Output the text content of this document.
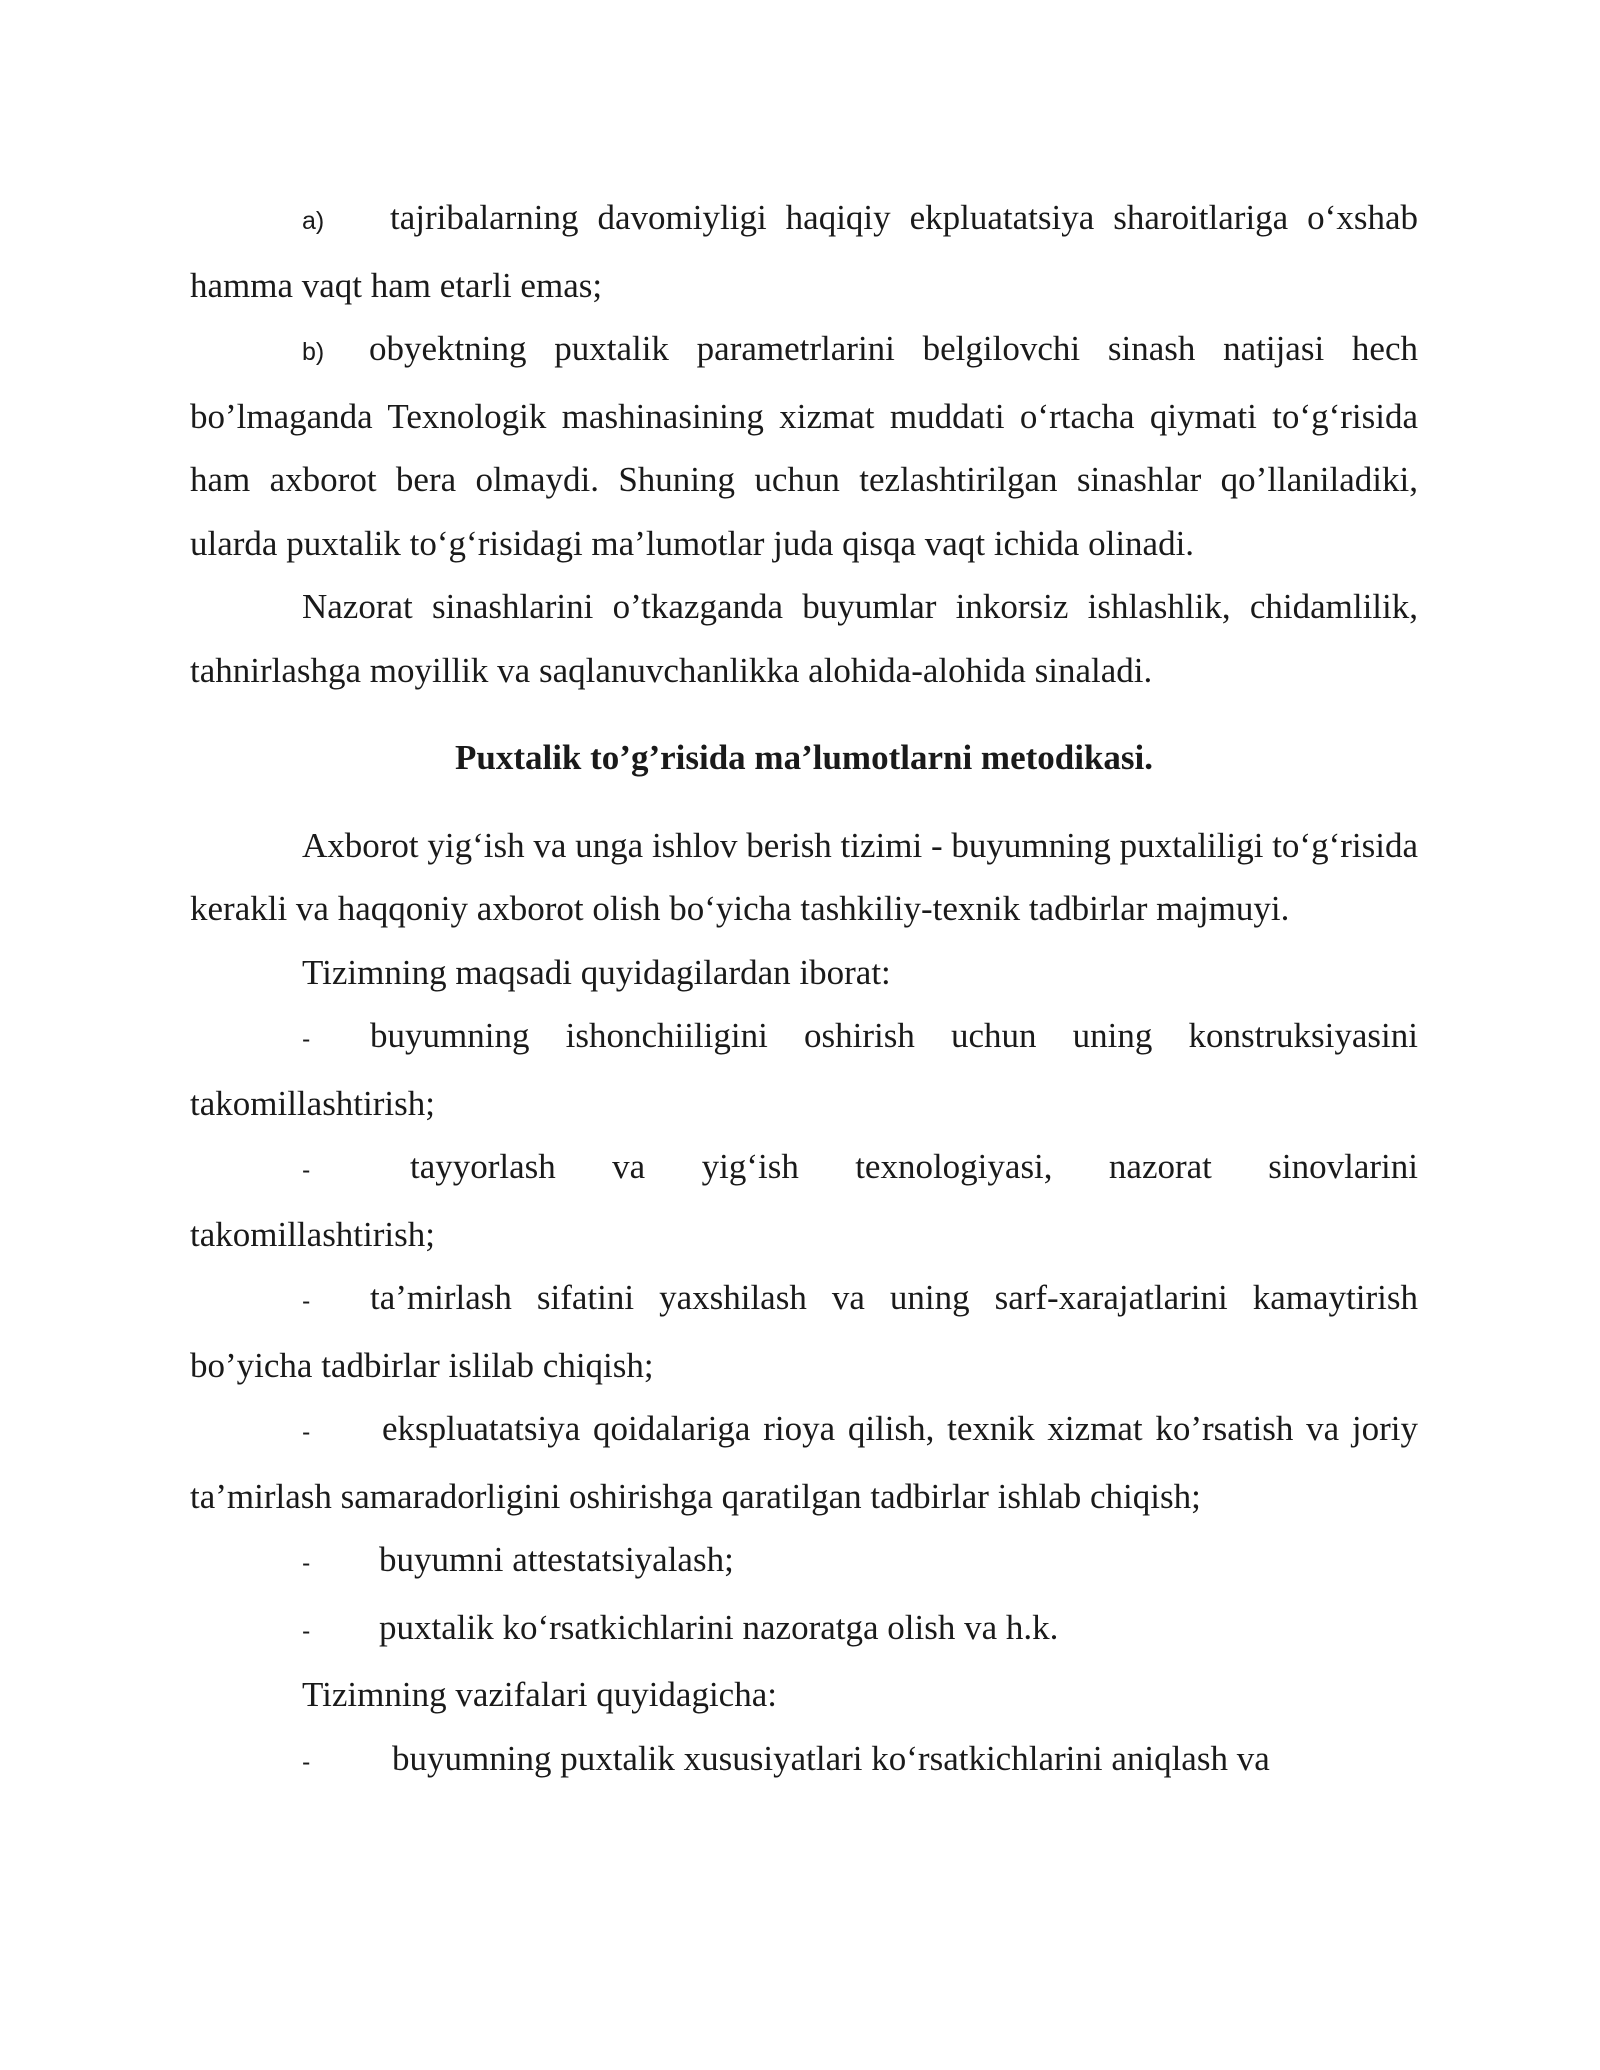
a) tajribalarning davomiyligi haqiqiy ekpluatatsiya sharoitlariga o‘xshab hamma vaqt ham etarli emas;

b) obyektning puxtalik parametrlarini belgilovchi sinash natijasi hech bo’lmaganda Texnologik mashinasining xizmat muddati o‘rtacha qiymati to‘g‘risida ham axborot bera olmaydi. Shuning uchun tezlashtirilgan sinashlar qo’llaniladiki, ularda puxtalik to‘g‘risidagi ma’lumotlar juda qisqa vaqt ichida olinadi.

Nazorat sinashlarini o’tkazganda buyumlar inkorsiz ishlashlik, chidamlilik, tahnirlashga moyillik va saqlanuvchanlikka alohida-alohida sinaladi.

Puxtalik to’g’risida ma’lumotlarni metodikasi.

Axborot yig‘ish va unga ishlov berish tizimi - buyumning puxtaliligi to‘g‘risida kerakli va haqqoniy axborot olish bo‘yicha tashkiliy-texnik tadbirlar majmuyi.

Tizimning maqsadi quyidagilardan iborat:

- buyumning ishonchiiligini oshirish uchun uning konstruksiyasini takomillashtirish;

-	tayyorlash va yig‘ish texnologiyasi, nazorat sinovlarini takomillashtirish;

- ta’mirlash sifatini yaxshilash va uning sarf-xarajatlarini kamaytirish bo’yicha tadbirlar islilab chiqish;

- ekspluatatsiya qoidalariga rioya qilish, texnik xizmat ko’rsatish va joriy ta’mirlash samaradorligini oshirishga qaratilgan tadbirlar ishlab chiqish;

- buyumni attestatsiyalash;

- puxtalik ko‘rsatkichlarini nazoratga olish va h.k.

Tizimning vazifalari quyidagicha:

- buyumning puxtalik xususiyatlari ko‘rsatkichlarini aniqlash va
